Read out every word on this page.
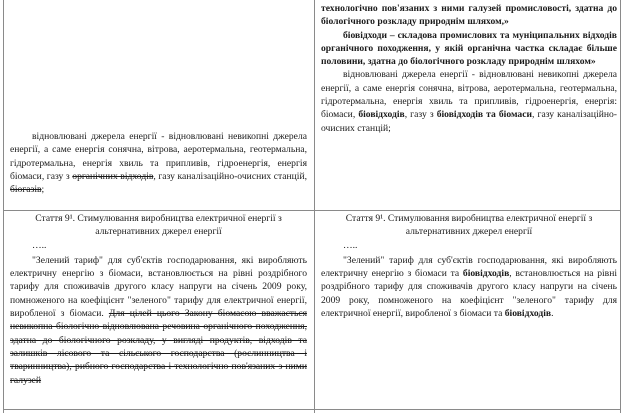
відновлювані джерела енергії - відновлювані невикопні джерела енергії, а саме енергія сонячна, вітрова, аеротермальна, геотермальна, гідротермальна, енергія хвиль та припливів, гідроенергія, енергія біомаси, газу з органічних відходів, газу каналізаційно-очисних станцій, біогазів;

технологічно пов'язаних з ними галузей промисловості, здатна до біологічного розкладу природнім шляхом,»

біовідходи – складова промислових та муніципальних відходів органічного походження, у якій органічна частка складає більше половини, здатна до біологічного розкладу природнім шляхом»

відновлювані джерела енергії - відновлювані невикопні джерела енергії, а саме енергія сонячна, вітрова, аеротермальна, геотермальна, гідротермальна, енергія хвиль та припливів, гідроенергія, енергія: біомаси, біовідходів, газу з біовідходів та біомаси, газу каналізаційно-очисних станцій;

Стаття 9¹. Стимулювання виробництва електричної енергії з альтернативних джерел енергії

…..

"Зелений тариф" для суб'єктів господарювання, які виробляють електричну енергію з біомаси, встановлюється на рівні роздрібного тарифу для споживачів другого класу напруги на січень 2009 року, помноженого на коефіцієнт "зеленого" тарифу для електричної енергії, виробленої з біомаси. Для цілей цього Закону біомасою вважається невикопна біологічно відновлювана речовина органічного походження, здатна до біологічного розкладу, у вигляді продуктів, відходів та залишків лісового та сільського господарства (рослинництва і тваринництва), рибного господарства і технологічно пов'язаних з ними галузей

Стаття 9¹. Стимулювання виробництва електричної енергії з альтернативних джерел енергії

…..

"Зелений" тариф для суб'єктів господарювання, які виробляють електричну енергію з біомаси та біовідходів, встановлюється на рівні роздрібного тарифу для споживачів другого класу напруги на січень 2009 року, помноженого на коефіцієнт "зеленого" тарифу для електричної енергії, виробленої з біомаси та біовідходів.
